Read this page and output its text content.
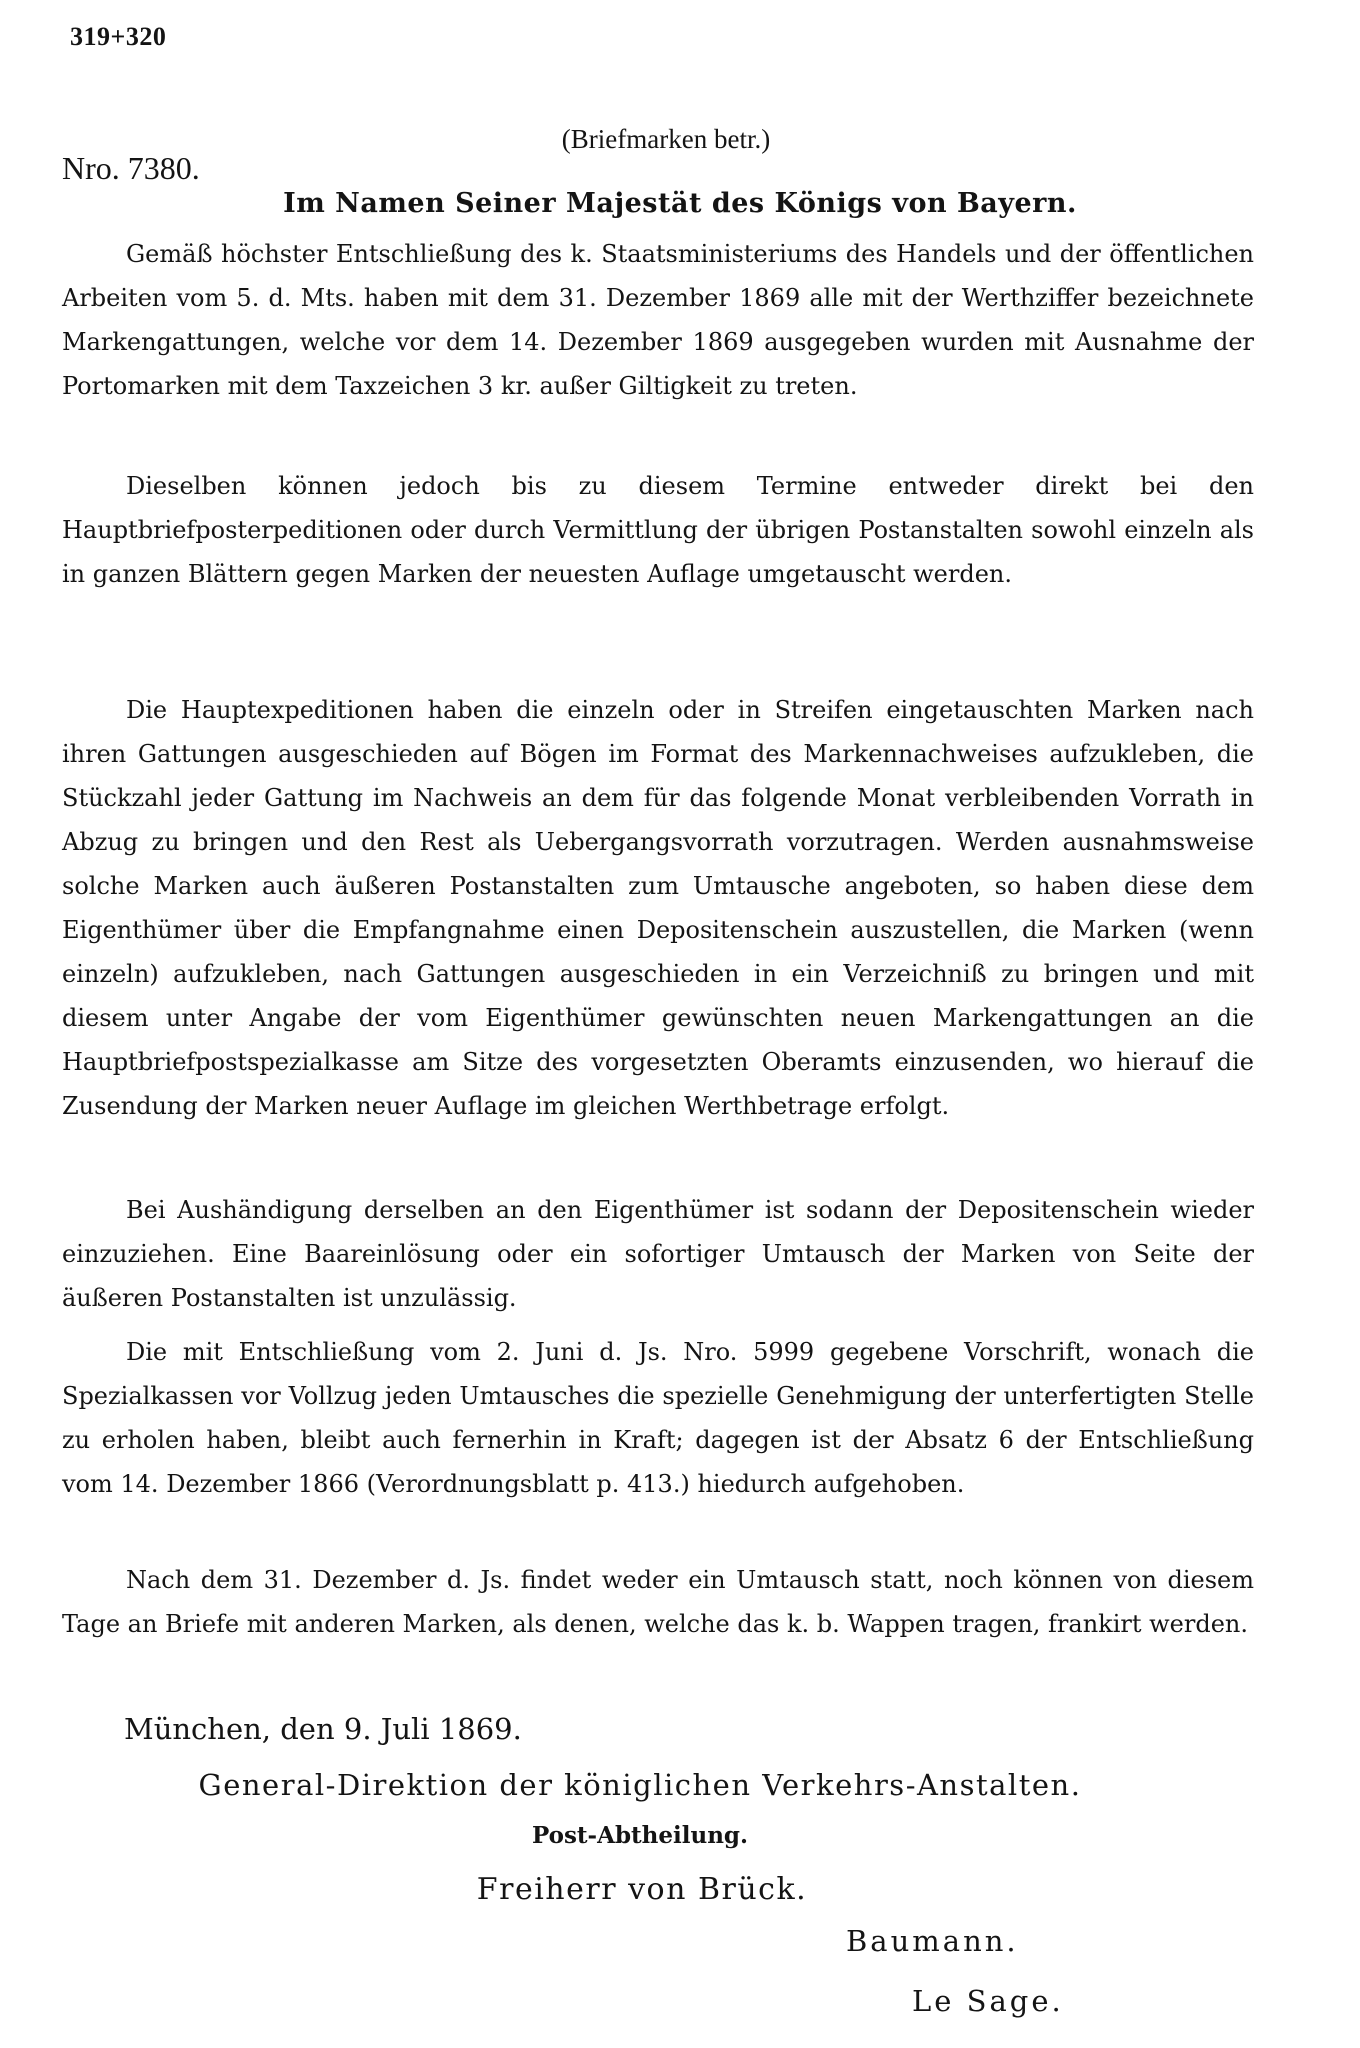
319+320
Nro. 7380.
(Briefmarken betr.)
Im Namen Seiner Majestät des Königs von Bayern.

Gemäß höchster Entschließung des k. Staatsministeriums des Handels und der öffentlichen Arbeiten vom 5. d. Mts. haben mit dem 31. Dezember 1869 alle mit der Werthziffer bezeichnete Markengattungen, welche vor dem 14. Dezember 1869 ausgegeben wurden mit Ausnahme der Portomarken mit dem Taxzeichen 3 kr. außer Giltigkeit zu treten.

Dieselben können jedoch bis zu diesem Termine entweder direkt bei den Hauptbriefposterpeditionen oder durch Vermittlung der übrigen Postanstalten sowohl einzeln als in ganzen Blättern gegen Marken der neuesten Auflage umgetauscht werden.

Die Hauptexpeditionen haben die einzeln oder in Streifen eingetauschten Marken nach ihren Gattungen ausgeschieden auf Bögen im Format des Markennachweises aufzukleben, die Stückzahl jeder Gattung im Nachweis an dem für das folgende Monat verbleibenden Vorrath in Abzug zu bringen und den Rest als Uebergangsvorrath vorzutragen. Werden ausnahmsweise solche Marken auch äußeren Postanstalten zum Umtausche angeboten, so haben diese dem Eigenthümer über die Empfangnahme einen Depositenschein auszustellen, die Marken (wenn einzeln) aufzukleben, nach Gattungen ausgeschieden in ein Verzeichniß zu bringen und mit diesem unter Angabe der vom Eigenthümer gewünschten neuen Markengattungen an die Hauptbriefpostspezialkasse am Sitze des vorgesetzten Oberamts einzusenden, wo hierauf die Zusendung der Marken neuer Auflage im gleichen Werthbetrage erfolgt.

Bei Aushändigung derselben an den Eigenthümer ist sodann der Depositenschein wieder einzuziehen. Eine Baareinlösung oder ein sofortiger Umtausch der Marken von Seite der äußeren Postanstalten ist unzulässig.

Die mit Entschließung vom 2. Juni d. Js. Nro. 5999 gegebene Vorschrift, wonach die Spezialkassen vor Vollzug jeden Umtausches die spezielle Genehmigung der unterfertigten Stelle zu erholen haben, bleibt auch fernerhin in Kraft; dagegen ist der Absatz 6 der Entschließung vom 14. Dezember 1866 (Verordnungsblatt p. 413.) hiedurch aufgehoben.

Nach dem 31. Dezember d. Js. findet weder ein Umtausch statt, noch können von diesem Tage an Briefe mit anderen Marken, als denen, welche das k. b. Wappen tragen, frankirt werden.

München, den 9. Juli 1869.
General-Direktion der königlichen Verkehrs-Anstalten.
Post-Abtheilung.
Freiherr von Brück.
Baumann.
Le Sage.
